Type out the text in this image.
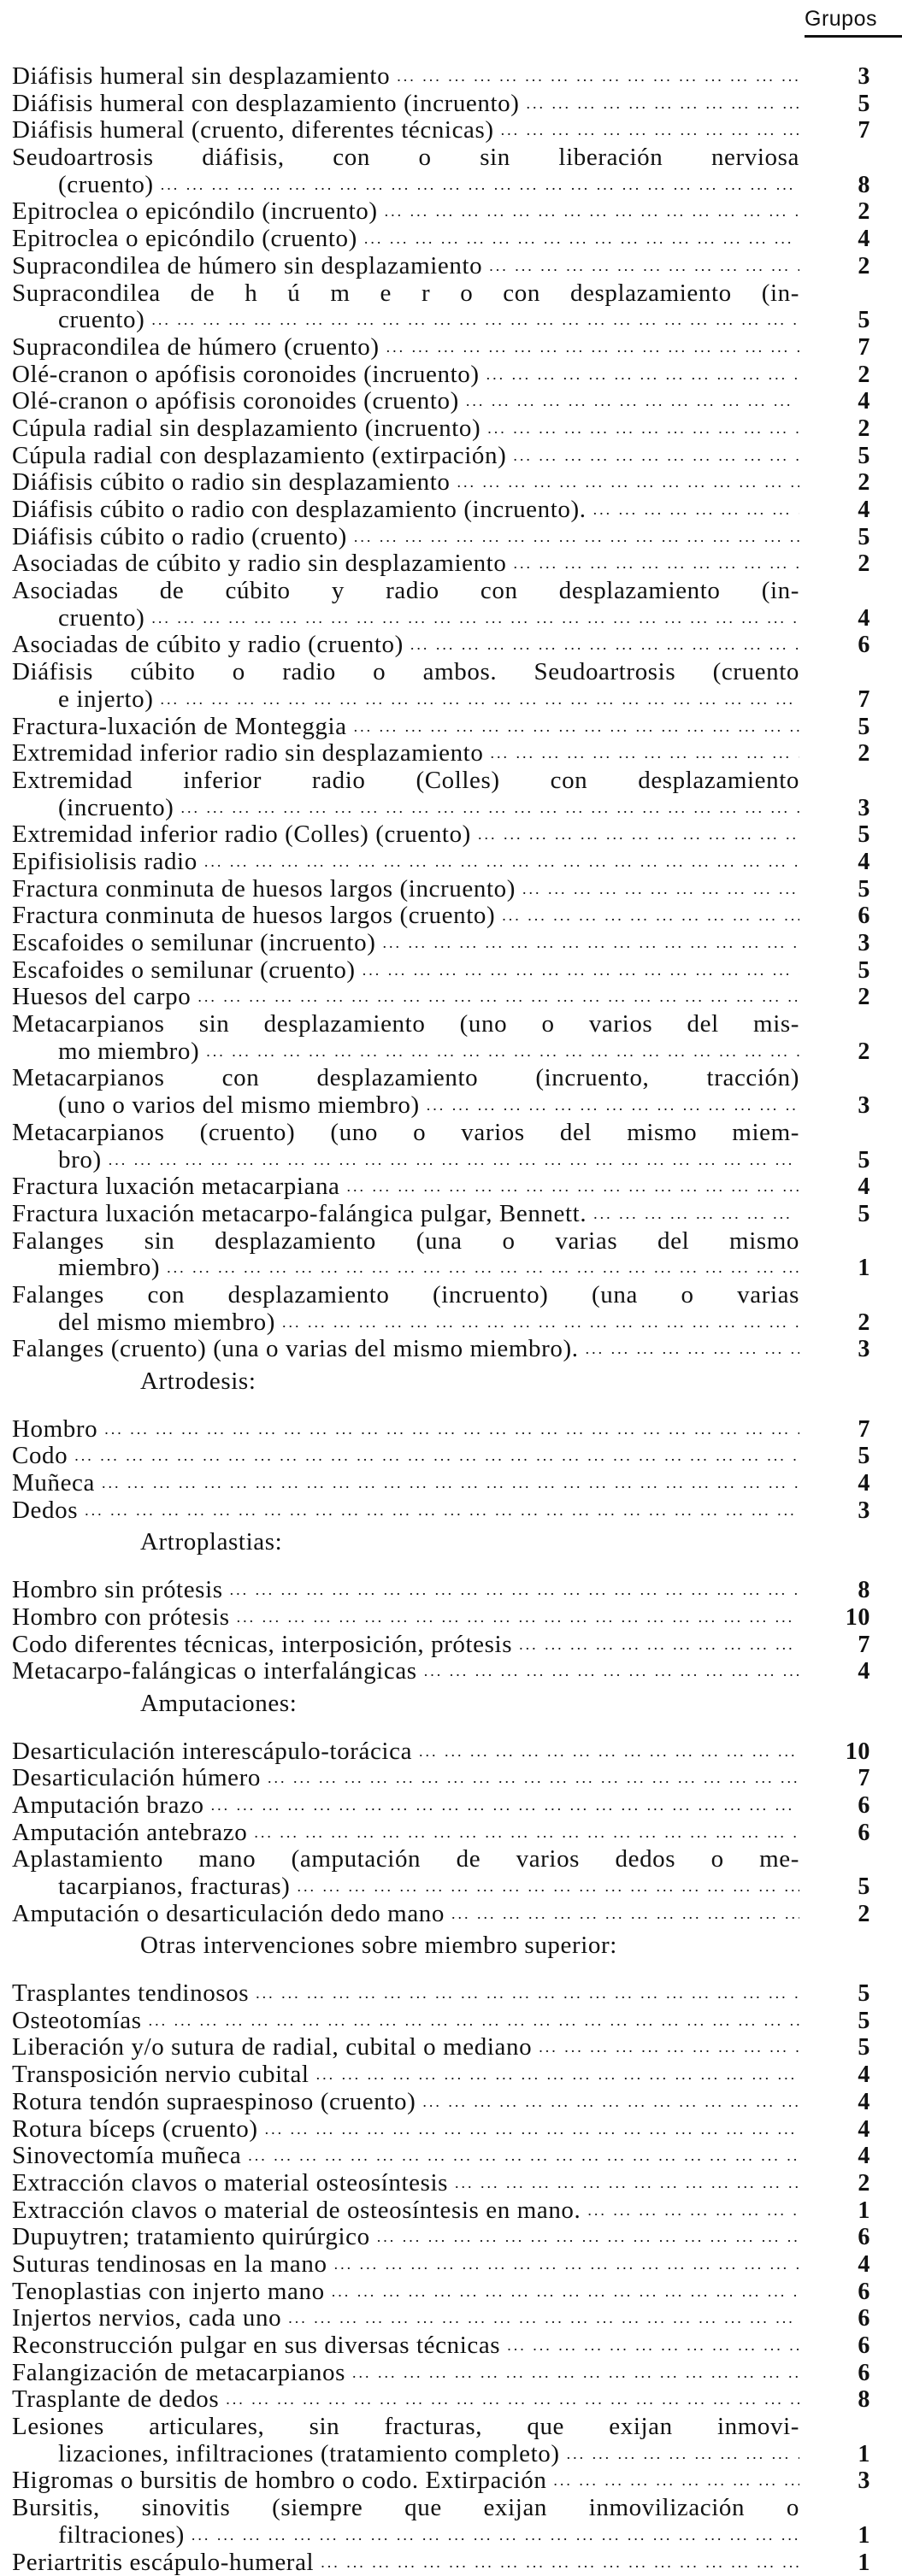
Grupos
Diáfisis humeral sin desplazamiento ... .	3
Diáfisis humeral con desplazamiento (incruento) ... .	5
Diáfisis humeral (cruento, diferentes técnicas) ... .	7
Seudoartrosis diáfisis, con o sin liberación nerviosa
(cruento) ... .	8
Epitroclea o epicóndilo (incruento) ... .	2
Epitroclea o epicóndilo (cruento) ... .	4
Supracondilea de húmero sin desplazamiento ... .	2
Supracondilea de h ú m e r o con desplazamiento (in-
cruento) ... .	5
Supracondilea de húmero (cruento) ... .	7
Olé-cranon o apófisis coronoides (incruento) ... .	2
Olé-cranon o apófisis coronoides (cruento) ... .	4
Cúpula radial sin desplazamiento (incruento) ... .	2
Cúpula radial con desplazamiento (extirpación) ... .	5
Diáfisis cúbito o radio sin desplazamiento ... .	2
Diáfisis cúbito o radio con desplazamiento (incruento). ... .	4
Diáfisis cúbito o radio (cruento) ... .	5
Asociadas de cúbito y radio sin desplazamiento ... .	2
Asociadas de cúbito y radio con desplazamiento (in-
cruento) ... .	4
Asociadas de cúbito y radio (cruento) ... .	6
Diáfisis cúbito o radio o ambos. Seudoartrosis (cruento
e injerto) ... .	7
Fractura-luxación de Monteggia ... .	5
Extremidad inferior radio sin desplazamiento ... .	2
Extremidad inferior radio (Colles) con desplazamiento
(incruento) ... .	3
Extremidad inferior radio (Colles) (cruento) ... .	5
Epifisiolisis radio ... .	4
Fractura conminuta de huesos largos (incruento) ... .	5
Fractura conminuta de huesos largos (cruento) ... .	6
Escafoides o semilunar (incruento) ... .	3
Escafoides o semilunar (cruento) ... .	5
Huesos del carpo ... .	2
Metacarpianos sin desplazamiento (uno o varios del mis-
mo miembro) ... .	2
Metacarpianos con desplazamiento (incruento, tracción)
(uno o varios del mismo miembro) ... .	3
Metacarpianos (cruento) (uno o varios del mismo miem-
bro) ... .	5
Fractura luxación metacarpiana ... .	4
Fractura luxación metacarpo-falángica pulgar, Bennett. ... .	5
Falanges sin desplazamiento (una o varias del mismo
miembro) ... .	1
Falanges con desplazamiento (incruento) (una o varias
del mismo miembro) ... .	2
Falanges (cruento) (una o varias del mismo miembro). ... .	3
Artrodesis:
Hombro ... .	7
Codo ... .	5
Muñeca ... .	4
Dedos ... .	3
Artroplastias:
Hombro sin prótesis ... .	8
Hombro con prótesis ... .	10
Codo diferentes técnicas, interposición, prótesis ... .	7
Metacarpo-falángicas o interfalángicas ... .	4
Amputaciones:
Desarticulación interescápulo-torácica ... .	10
Desarticulación húmero ... .	7
Amputación brazo ... .	6
Amputación antebrazo ... .	6
Aplastamiento mano (amputación de varios dedos o me-
tacarpianos, fracturas) ... .	5
Amputación o desarticulación dedo mano ... .	2
Otras intervenciones sobre miembro superior:
Trasplantes tendinosos ... .	5
Osteotomías ... .	5
Liberación y/o sutura de radial, cubital o mediano ... .	5
Transposición nervio cubital ... .	4
Rotura tendón supraespinoso (cruento) ... .	4
Rotura bíceps (cruento) ... .	4
Sinovectomía muñeca ... .	4
Extracción clavos o material osteosíntesis ... .	2
Extracción clavos o material de osteosíntesis en mano. ... .	1
Dupuytren; tratamiento quirúrgico ... .	6
Suturas tendinosas en la mano ... .	4
Tenoplastias con injerto mano ... .	6
Injertos nervios, cada uno ... .	6
Reconstrucción pulgar en sus diversas técnicas ... .	6
Falangización de metacarpianos ... .	6
Trasplante de dedos ... .	8
Lesiones articulares, sin fracturas, que exijan inmovi-
lizaciones, infiltraciones (tratamiento completo) ... .	1
Higromas o bursitis de hombro o codo. Extirpación ... .	3
Bursitis, sinovitis (siempre que exijan inmovilización o
filtraciones) ... .	1
Periartritis escápulo-humeral ... .	1
